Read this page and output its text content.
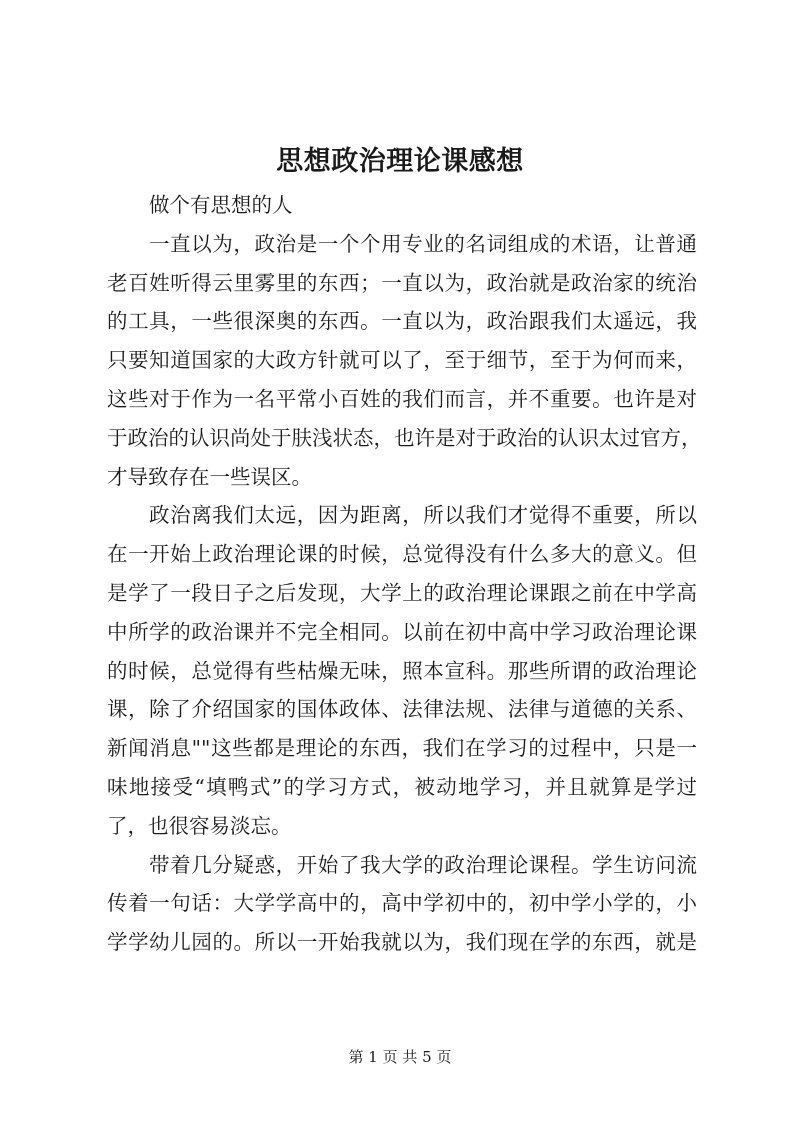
思想政治理论课感想
做个有思想的人
一直以为，政治是一个个用专业的名词组成的术语，让普通
老百姓听得云里雾里的东西；一直以为，政治就是政治家的统治
的工具，一些很深奥的东西。一直以为，政治跟我们太遥远，我
只要知道国家的大政方针就可以了，至于细节，至于为何而来，
这些对于作为一名平常小百姓的我们而言，并不重要。也许是对
于政治的认识尚处于肤浅状态，也许是对于政治的认识太过官方，
才导致存在一些误区。
政治离我们太远，因为距离，所以我们才觉得不重要，所以
在一开始上政治理论课的时候，总觉得没有什么多大的意义。但
是学了一段日子之后发现，大学上的政治理论课跟之前在中学高
中所学的政治课并不完全相同。以前在初中高中学习政治理论课
的时候，总觉得有些枯燥无味，照本宣科。那些所谓的政治理论
课，除了介绍国家的国体政体、法律法规、法律与道德的关系、
新闻消息""这些都是理论的东西，我们在学习的过程中，只是一
味地接受“填鸭式”的学习方式，被动地学习，并且就算是学过
了，也很容易淡忘。
带着几分疑惑，开始了我大学的政治理论课程。学生访问流
传着一句话：大学学高中的，高中学初中的，初中学小学的，小
学学幼儿园的。所以一开始我就以为，我们现在学的东西，就是
第 1 页 共 5 页
